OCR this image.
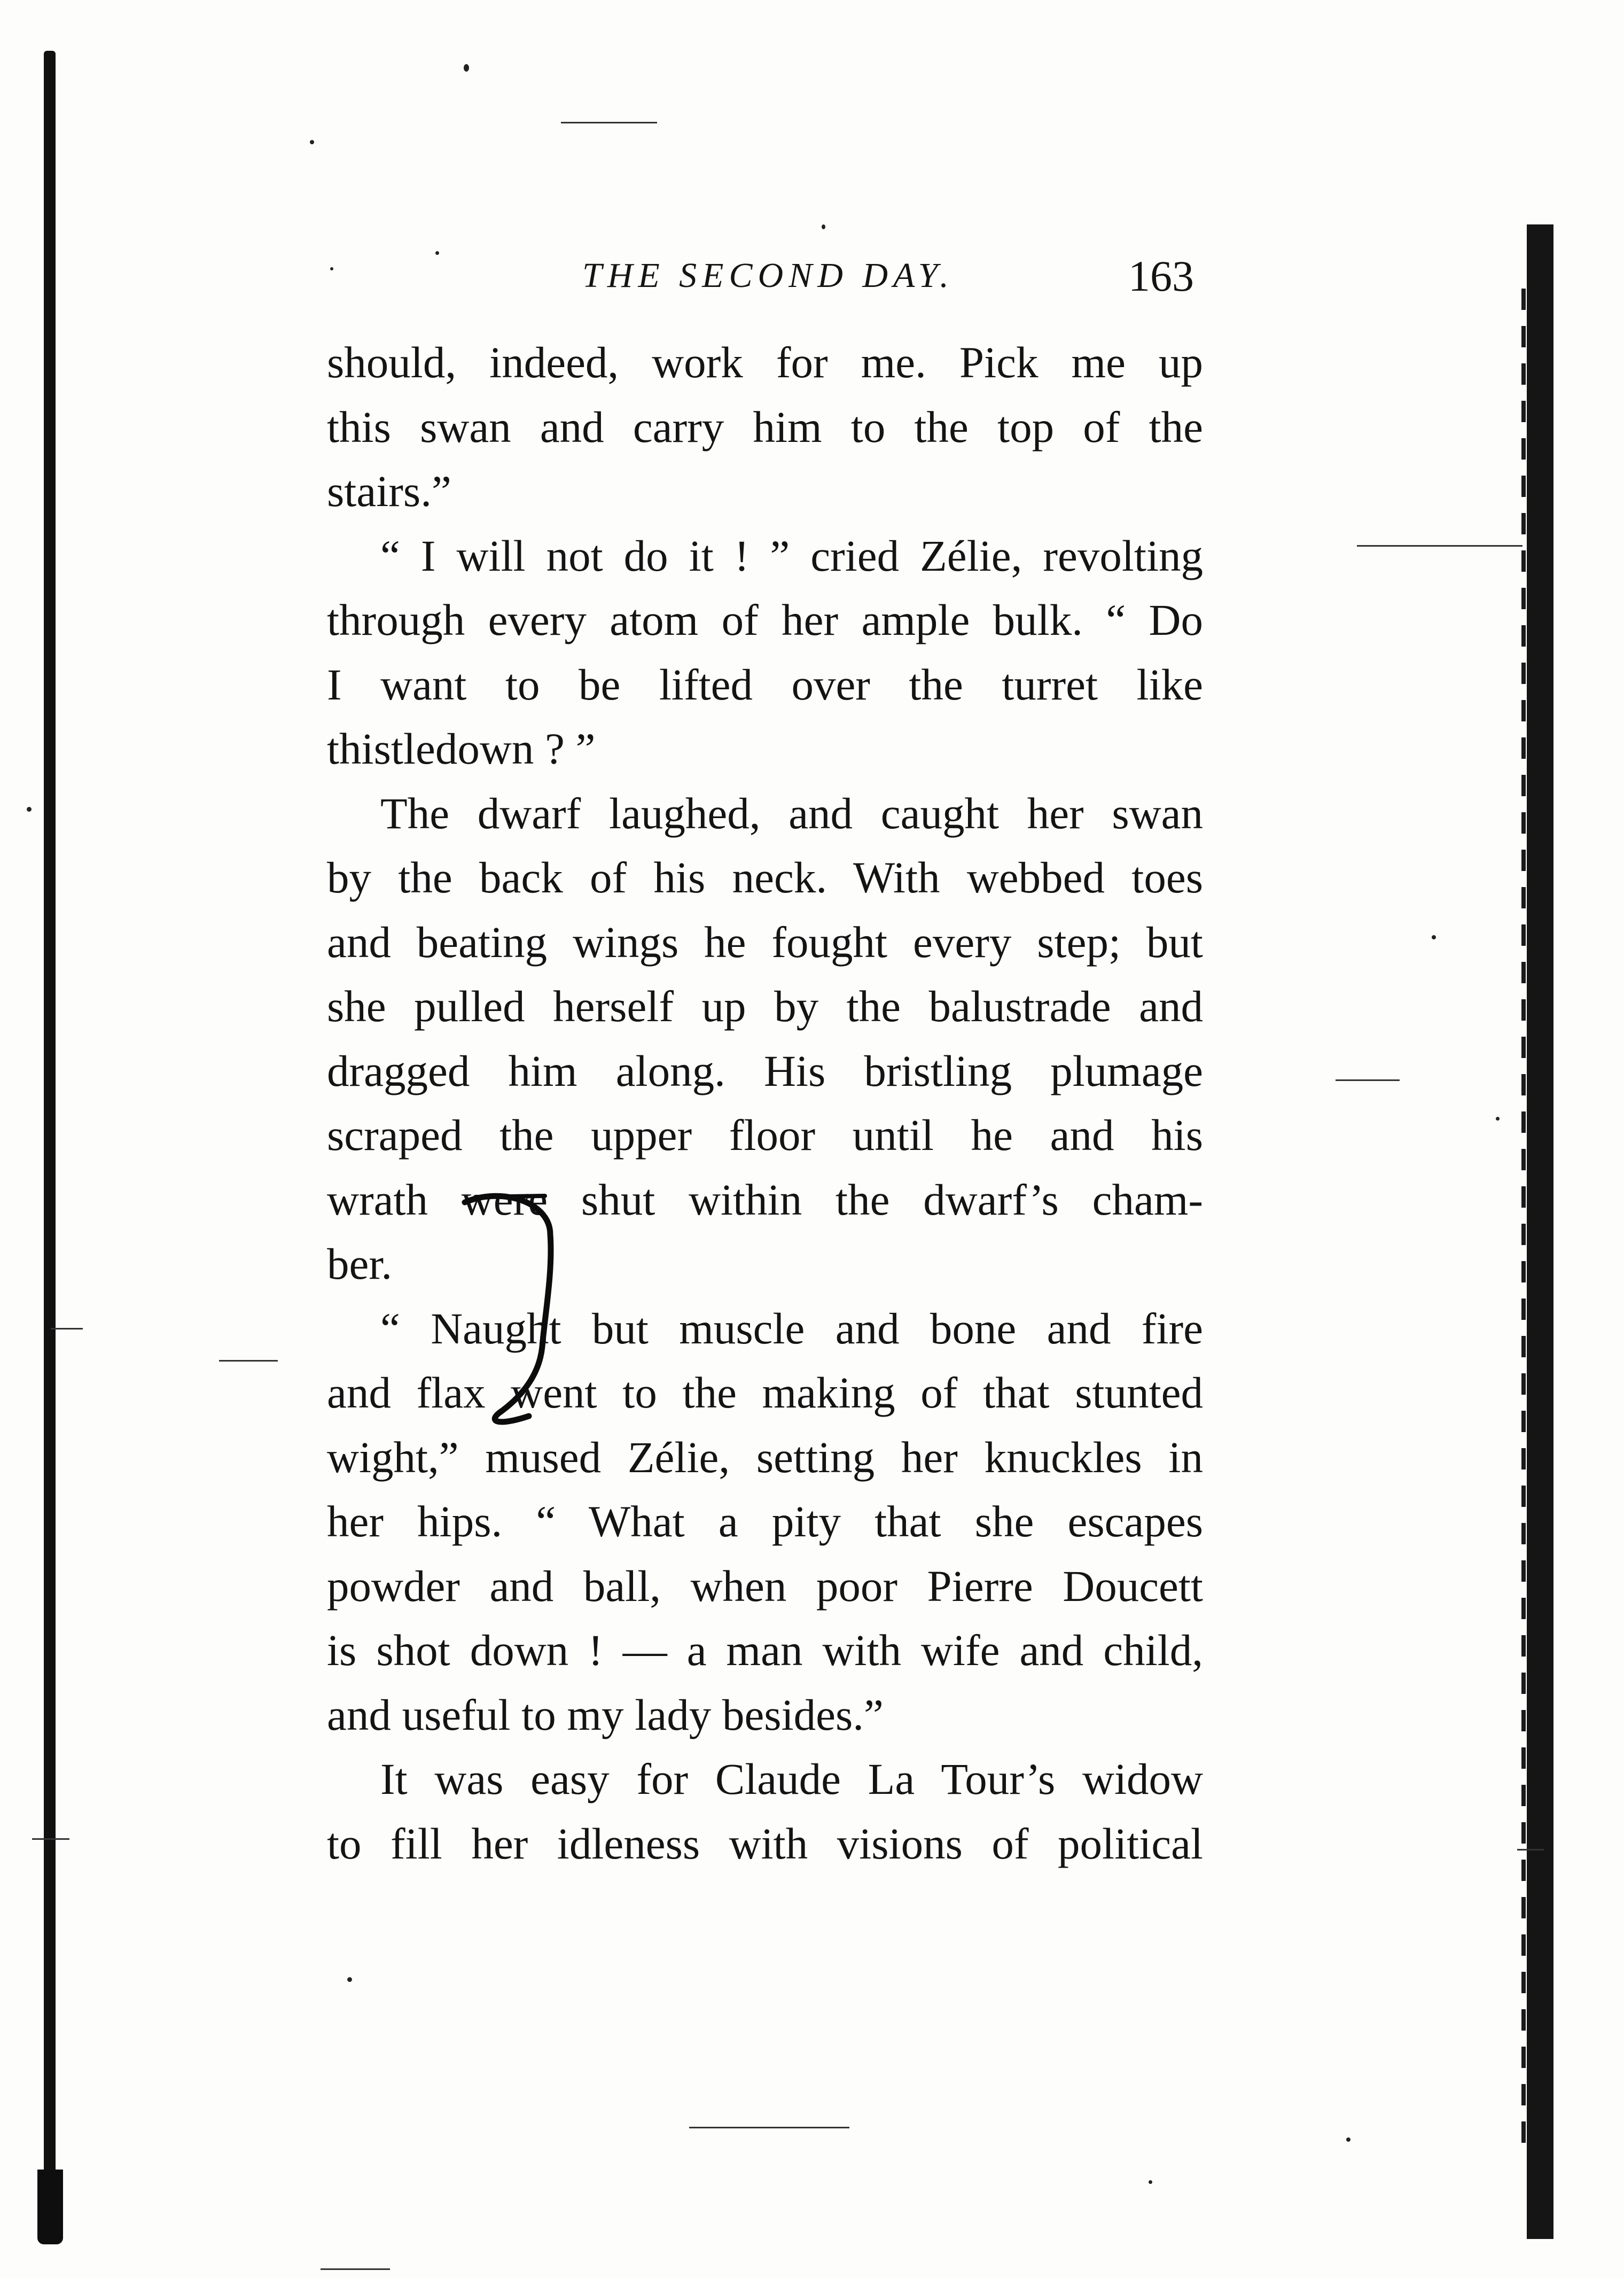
THE SECOND DAY.	163
should, indeed, work for me. Pick me up
this swan and carry him to the top of the
stairs.”
“ I will not do it ! ” cried Zélie, revolting
through every atom of her ample bulk. “ Do
I want to be lifted over the turret like
thistledown ? ”
The dwarf laughed, and caught her swan
by the back of his neck. With webbed toes
and beating wings he fought every step; but
she pulled herself up by the balustrade and
dragged him along. His bristling plumage
scraped the upper floor until he and his
wrath were shut within the dwarf’s cham-
ber.
“ Naught but muscle and bone and fire
and flax went to the making of that stunted
wight,” mused Zélie, setting her knuckles in
her hips. “ What a pity that she escapes
powder and ball, when poor Pierre Doucett
is shot down ! — a man with wife and child,
and useful to my lady besides.”
It was easy for Claude La Tour’s widow
to fill her idleness with visions of political
